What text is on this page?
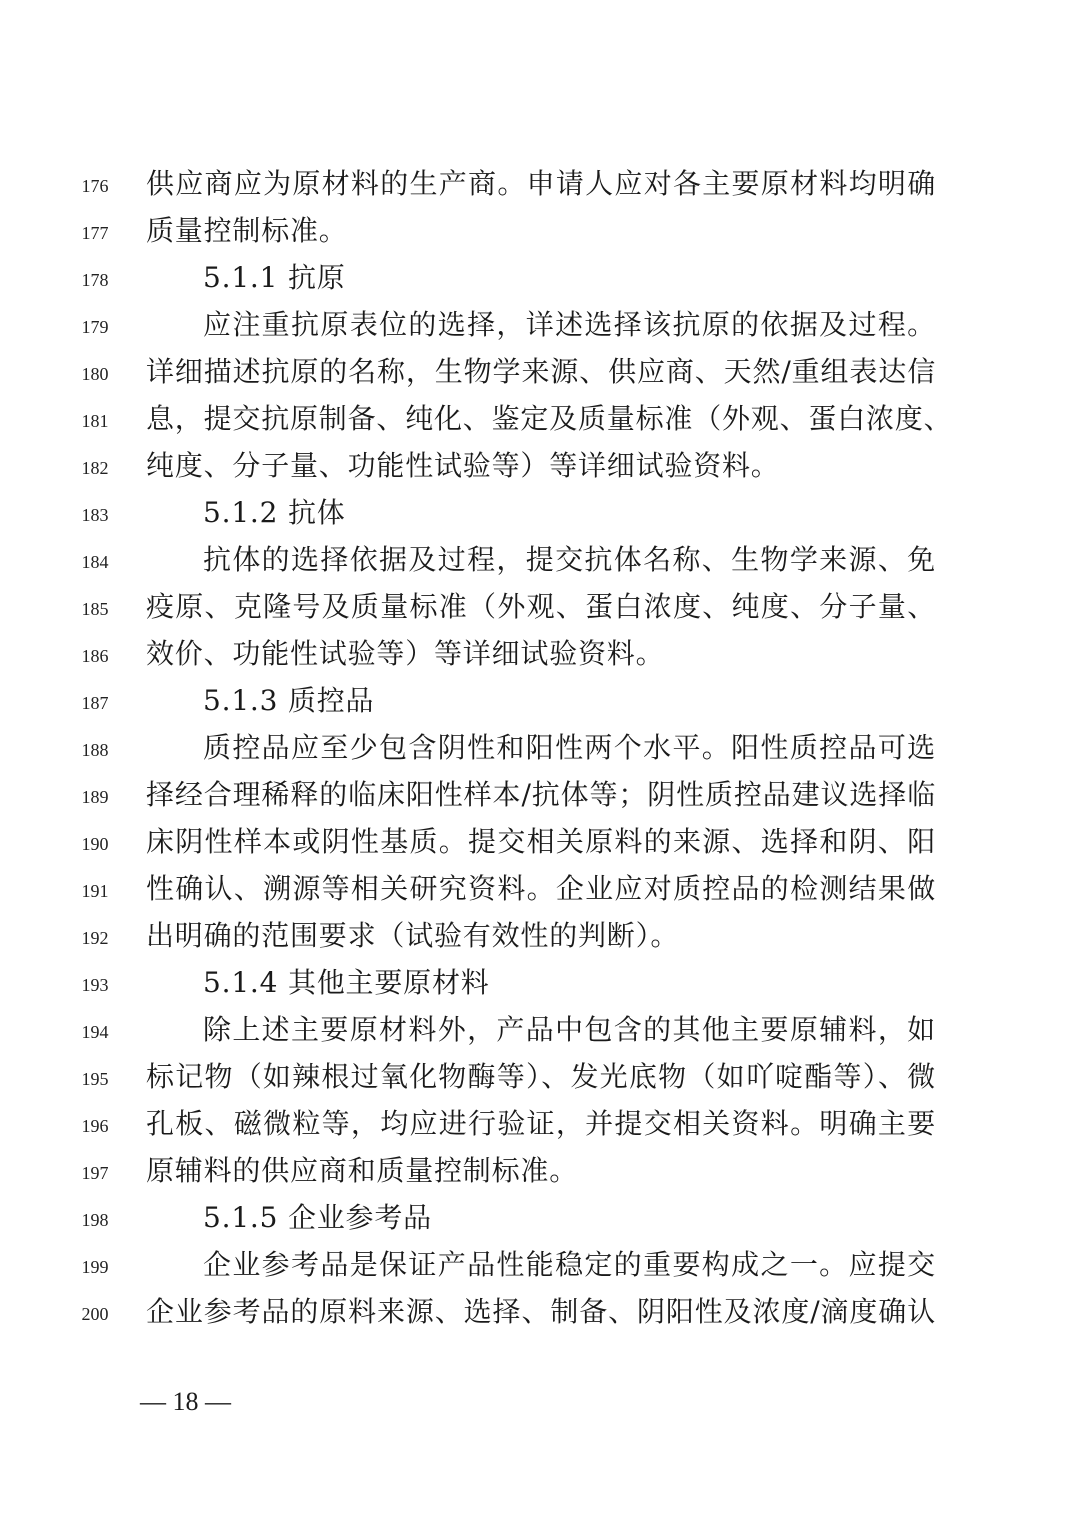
176	供应商应为原材料的生产商。申请人应对各主要原材料均明确
177	质量控制标准。
178	5.1.1 抗原
179	应注重抗原表位的选择，详述选择该抗原的依据及过程。
180	详细描述抗原的名称，生物学来源、供应商、天然/重组表达信
181	息，提交抗原制备、纯化、鉴定及质量标准（外观、蛋白浓度、
182	纯度、分子量、功能性试验等）等详细试验资料。
183	5.1.2 抗体
184	抗体的选择依据及过程，提交抗体名称、生物学来源、免
185	疫原、克隆号及质量标准（外观、蛋白浓度、纯度、分子量、
186	效价、功能性试验等）等详细试验资料。
187	5.1.3 质控品
188	质控品应至少包含阴性和阳性两个水平。阳性质控品可选
189	择经合理稀释的临床阳性样本/抗体等；阴性质控品建议选择临
190	床阴性样本或阴性基质。提交相关原料的来源、选择和阴、阳
191	性确认、溯源等相关研究资料。企业应对质控品的检测结果做
192	出明确的范围要求（试验有效性的判断）。
193	5.1.4 其他主要原材料
194	除上述主要原材料外，产品中包含的其他主要原辅料，如
195	标记物（如辣根过氧化物酶等）、发光底物（如吖啶酯等）、微
196	孔板、磁微粒等，均应进行验证，并提交相关资料。明确主要
197	原辅料的供应商和质量控制标准。
198	5.1.5 企业参考品
199	企业参考品是保证产品性能稳定的重要构成之一。应提交
200	企业参考品的原料来源、选择、制备、阴阳性及浓度/滴度确认
— 18 —
